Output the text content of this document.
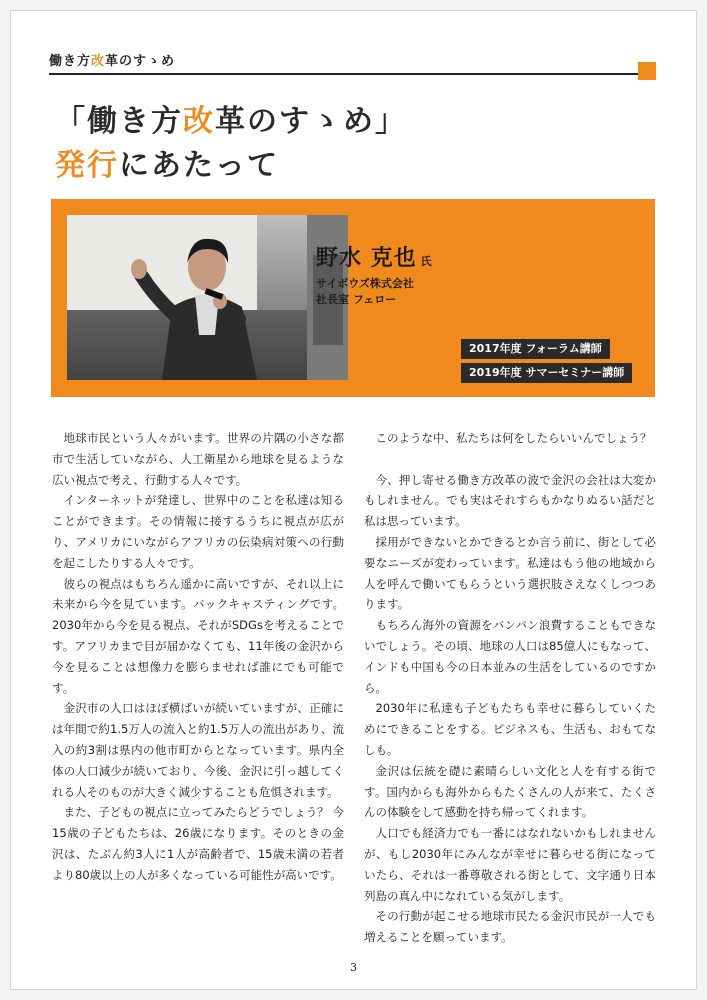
働き方改革のすゝめ
「働き方改革のすゝめ」
発行にあたって
野水 克也 氏
サイボウズ株式会社
社長室 フェロー
2017年度 フォーラム講師
2019年度 サマーセミナー講師

地球市民という人々がいます。世界の片隅の小さな都市で生活していながら、人工衛星から地球を見るような広い視点で考え、行動する人々です。

インターネットが発達し、世界中のことを私達は知ることができます。その情報に接するうちに視点が広がり、アメリカにいながらアフリカの伝染病対策への行動を起こしたりする人々です。

彼らの視点はもちろん遥かに高いですが、それ以上に未来から今を見ています。バックキャスティングです。2030年から今を見る視点、それがSDGsを考えることです。アフリカまで目が届かなくても、11年後の金沢から今を見ることは想像力を膨らませれば誰にでも可能です。

金沢市の人口はほぼ横ばいが続いていますが、正確には年間で約1.5万人の流入と約1.5万人の流出があり、流入の約3割は県内の他市町からとなっています。県内全体の人口減少が続いており、今後、金沢に引っ越してくれる人そのものが大きく減少することも危惧されます。

また、子どもの視点に立ってみたらどうでしょう？ 今15歳の子どもたちは、26歳になります。そのときの金沢は、たぶん約3人に1人が高齢者で、15歳未満の若者より80歳以上の人が多くなっている可能性が高いです。

このような中、私たちは何をしたらいいんでしょう？

今、押し寄せる働き方改革の波で金沢の会社は大変かもしれません。でも実はそれすらもかなりぬるい話だと私は思っています。

採用ができないとかできるとか言う前に、街として必要なニーズが変わっています。私達はもう他の地域から人を呼んで働いてもらうという選択肢さえなくしつつあります。

もちろん海外の資源をバンバン浪費することもできないでしょう。その頃、地球の人口は85億人にもなって、インドも中国も今の日本並みの生活をしているのですから。

2030年に私達も子どもたちも幸せに暮らしていくためにできることをする。ビジネスも、生活も、おもてなしも。

金沢は伝統を礎に素晴らしい文化と人を有する街です。国内からも海外からもたくさんの人が来て、たくさんの体験をして感動を持ち帰ってくれます。

人口でも経済力でも一番にはなれないかもしれませんが、もし2030年にみんなが幸せに暮らせる街になっていたら、それは一番尊敬される街として、文字通り日本列島の真ん中になれている気がします。

その行動が起こせる地球市民たる金沢市民が一人でも増えることを願っています。

3
